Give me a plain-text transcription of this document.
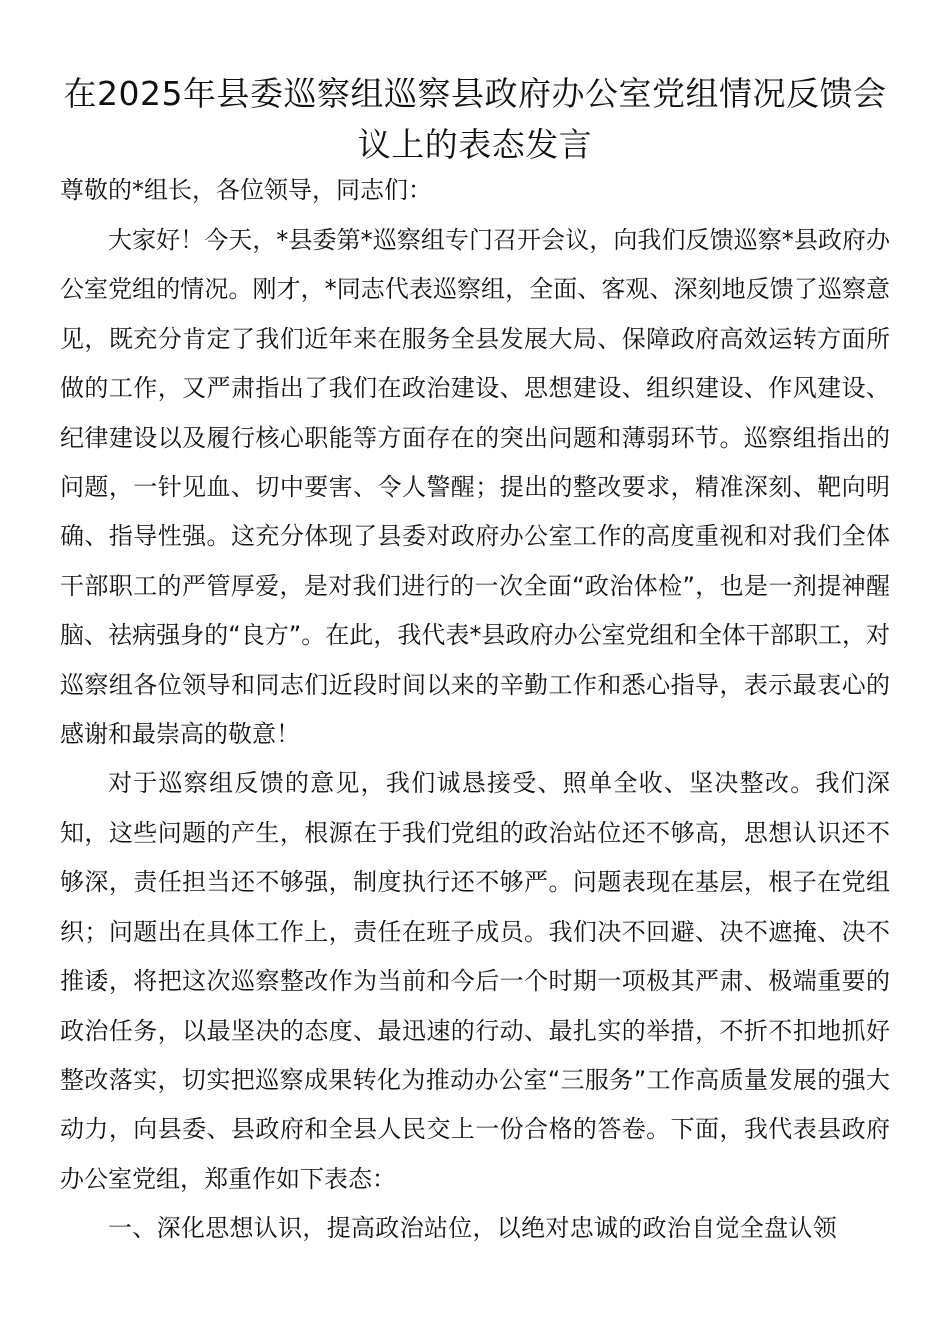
在2025年县委巡察组巡察县政府办公室党组情况反馈会议上的表态发言

尊敬的*组长，各位领导，同志们：

大家好！今天，*县委第*巡察组专门召开会议，向我们反馈巡察*县政府办公室党组的情况。刚才，*同志代表巡察组，全面、客观、深刻地反馈了巡察意见，既充分肯定了我们近年来在服务全县发展大局、保障政府高效运转方面所做的工作，又严肃指出了我们在政治建设、思想建设、组织建设、作风建设、纪律建设以及履行核心职能等方面存在的突出问题和薄弱环节。巡察组指出的问题，一针见血、切中要害、令人警醒；提出的整改要求，精准深刻、靶向明确、指导性强。这充分体现了县委对政府办公室工作的高度重视和对我们全体干部职工的严管厚爱，是对我们进行的一次全面“政治体检”，也是一剂提神醒脑、祛病强身的“良方”。在此，我代表*县政府办公室党组和全体干部职工，对巡察组各位领导和同志们近段时间以来的辛勤工作和悉心指导，表示最衷心的感谢和最崇高的敬意！

对于巡察组反馈的意见，我们诚恳接受、照单全收、坚决整改。我们深知，这些问题的产生，根源在于我们党组的政治站位还不够高，思想认识还不够深，责任担当还不够强，制度执行还不够严。问题表现在基层，根子在党组织；问题出在具体工作上，责任在班子成员。我们决不回避、决不遮掩、决不推诿，将把这次巡察整改作为当前和今后一个时期一项极其严肃、极端重要的政治任务，以最坚决的态度、最迅速的行动、最扎实的举措，不折不扣地抓好整改落实，切实把巡察成果转化为推动办公室“三服务”工作高质量发展的强大动力，向县委、县政府和全县人民交上一份合格的答卷。下面，我代表县政府办公室党组，郑重作如下表态：

一、深化思想认识，提高政治站位，以绝对忠诚的政治自觉全盘认领
